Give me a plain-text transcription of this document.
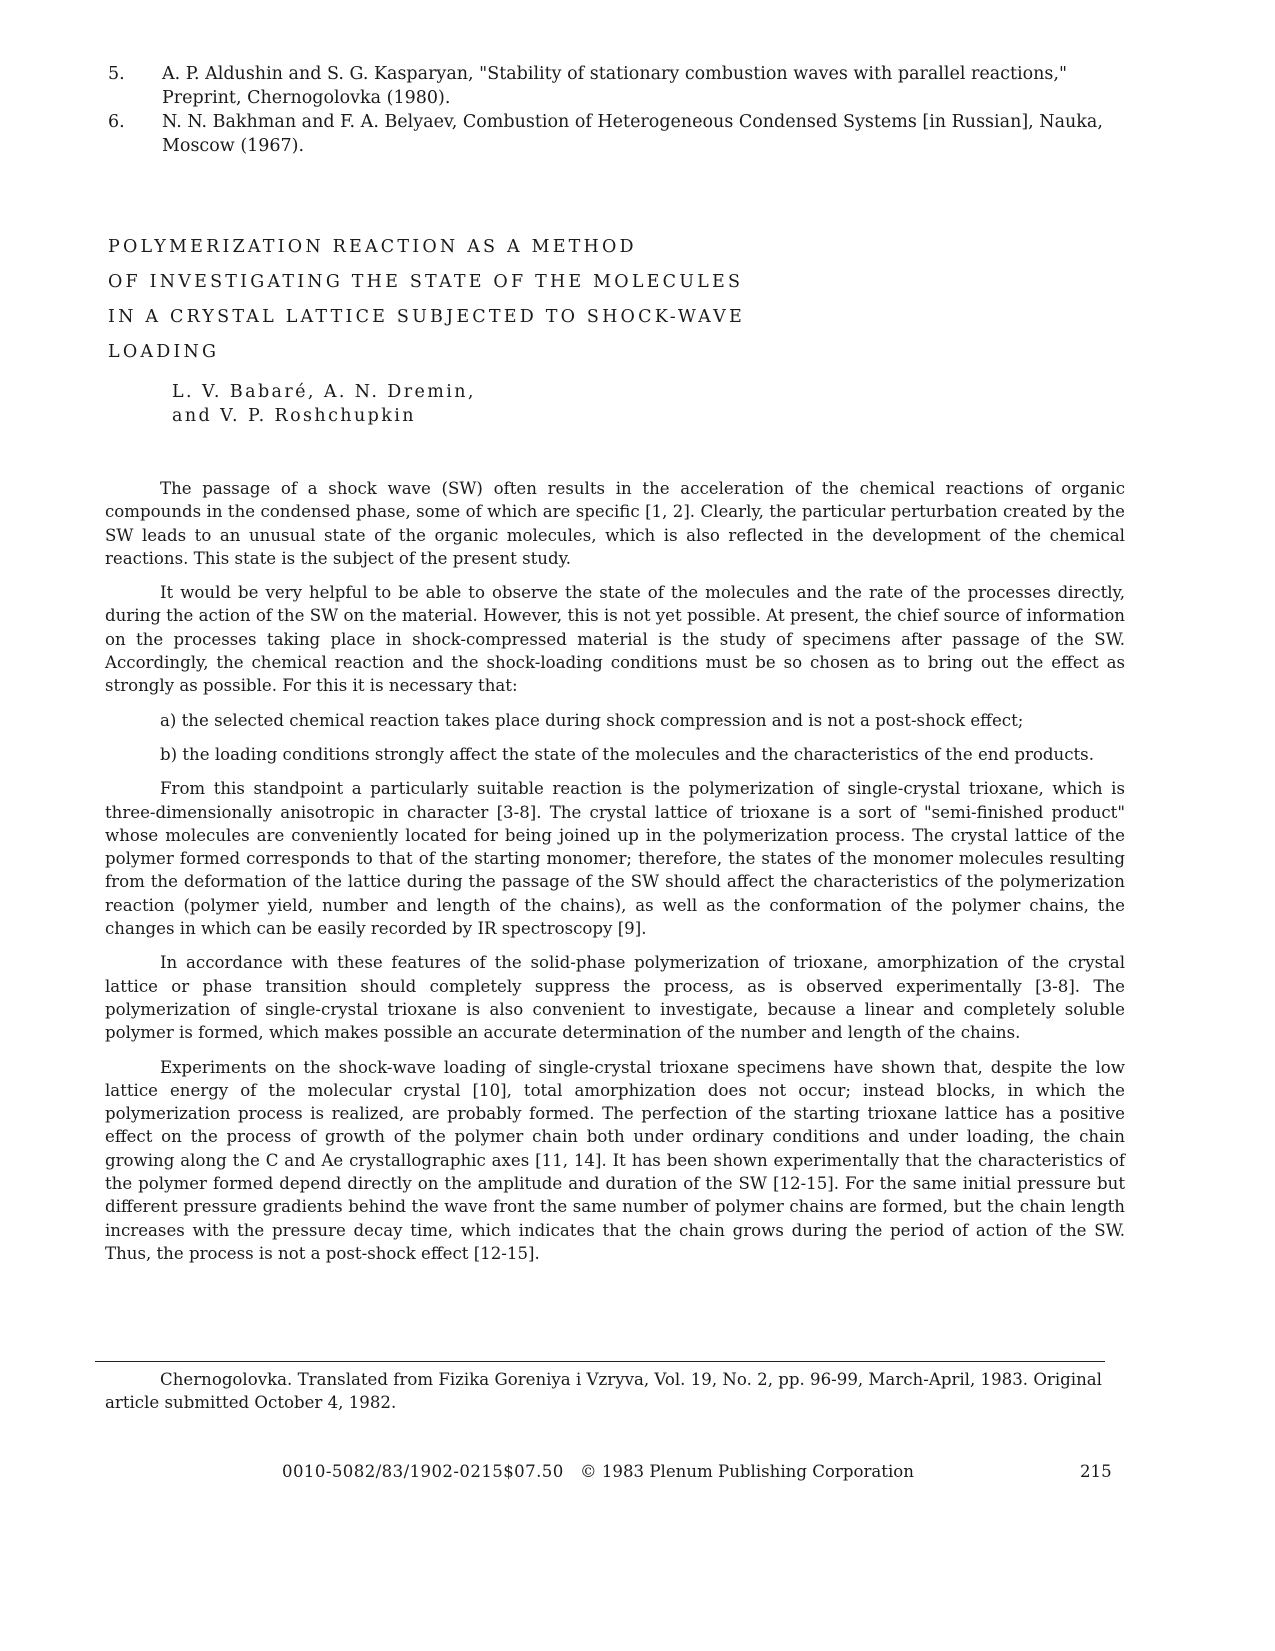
5.	A. P. Aldushin and S. G. Kasparyan, "Stability of stationary combustion waves with parallel reactions," Preprint, Chernogolovka (1980).
6.	N. N. Bakhman and F. A. Belyaev, Combustion of Heterogeneous Condensed Systems [in Russian], Nauka, Moscow (1967).
POLYMERIZATION REACTION AS A METHOD
OF INVESTIGATING THE STATE OF THE MOLECULES
IN A CRYSTAL LATTICE SUBJECTED TO SHOCK-WAVE
LOADING
L. V. Babaré, A. N. Dremin,
and V. P. Roshchupkin

The passage of a shock wave (SW) often results in the acceleration of the chemical reactions of organic compounds in the condensed phase, some of which are specific [1, 2]. Clearly, the particular perturbation created by the SW leads to an unusual state of the organic molecules, which is also reflected in the development of the chemical reactions. This state is the subject of the present study.

It would be very helpful to be able to observe the state of the molecules and the rate of the processes directly, during the action of the SW on the material. However, this is not yet possible. At present, the chief source of information on the processes taking place in shock-compressed material is the study of specimens after passage of the SW. Accordingly, the chemical reaction and the shock-loading conditions must be so chosen as to bring out the effect as strongly as possible. For this it is necessary that:

a) the selected chemical reaction takes place during shock compression and is not a post-shock effect;

b) the loading conditions strongly affect the state of the molecules and the characteristics of the end products.

From this standpoint a particularly suitable reaction is the polymerization of single-crystal trioxane, which is three-dimensionally anisotropic in character [3-8]. The crystal lattice of trioxane is a sort of "semi-finished product" whose molecules are conveniently located for being joined up in the polymerization process. The crystal lattice of the polymer formed corresponds to that of the starting monomer; therefore, the states of the monomer molecules resulting from the deformation of the lattice during the passage of the SW should affect the characteristics of the polymerization reaction (polymer yield, number and length of the chains), as well as the conformation of the polymer chains, the changes in which can be easily recorded by IR spectroscopy [9].

In accordance with these features of the solid-phase polymerization of trioxane, amorphization of the crystal lattice or phase transition should completely suppress the process, as is observed experimentally [3-8]. The polymerization of single-crystal trioxane is also convenient to investigate, because a linear and completely soluble polymer is formed, which makes possible an accurate determination of the number and length of the chains.

Experiments on the shock-wave loading of single-crystal trioxane specimens have shown that, despite the low lattice energy of the molecular crystal [10], total amorphization does not occur; instead blocks, in which the polymerization process is realized, are probably formed. The perfection of the starting trioxane lattice has a positive effect on the process of growth of the polymer chain both under ordinary conditions and under loading, the chain growing along the C and Ae crystallographic axes [11, 14]. It has been shown experimentally that the characteristics of the polymer formed depend directly on the amplitude and duration of the SW [12-15]. For the same initial pressure but different pressure gradients behind the wave front the same number of polymer chains are formed, but the chain length increases with the pressure decay time, which indicates that the chain grows during the period of action of the SW. Thus, the process is not a post-shock effect [12-15].

Chernogolovka. Translated from Fizika Goreniya i Vzryva, Vol. 19, No. 2, pp. 96-99, March-April, 1983. Original article submitted October 4, 1982.
0010-5082/83/1902-0215$07.50 © 1983 Plenum Publishing Corporation	215
